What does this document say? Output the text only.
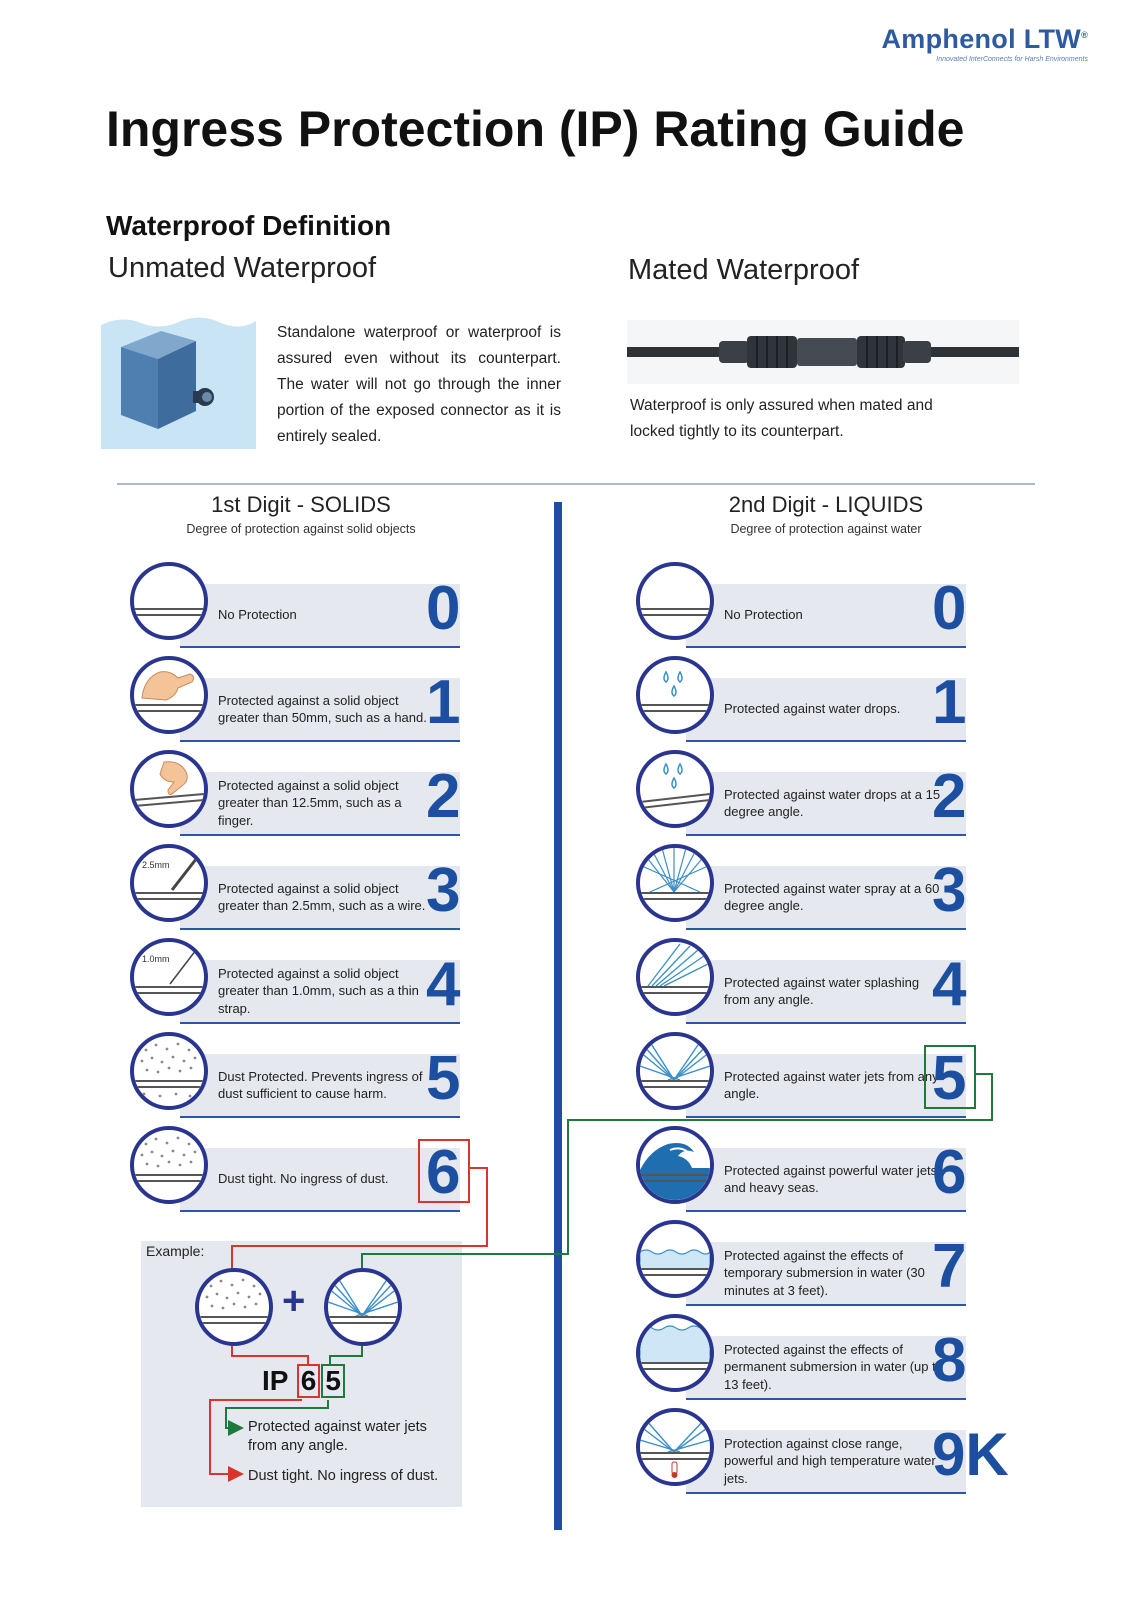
Amphenol LTW®
Innovated InterConnects for Harsh Environments
Ingress Protection (IP) Rating Guide
Waterproof Definition
Unmated Waterproof
Standalone waterproof or waterproof is assured even without its counterpart. The water will not go through the inner portion of the exposed connector as it is entirely sealed.
Mated Waterproof
Waterproof is only assured when mated and locked tightly to its counterpart.
1st Digit - SOLIDS
Degree of protection against solid objects
2nd Digit - LIQUIDS
Degree of protection against water
No Protection	0
Protected against a solid object greater than 50mm, such as a hand. 1
Protected against a solid object greater than 12.5mm, such as a finger.	2
2.5mm
Protected against a solid object greater than 2.5mm, such as a wire. 3
1.0mm
Protected against a solid object greater than 1.0mm, such as a thin strap.	4
Dust Protected. Prevents ingress of dust sufficient to cause harm. 5
Dust tight. No ingress of dust. 6
No Protection	0
Protected against water drops. 1
Protected against water drops at a 15 degree angle.	2
Protected against water spray at a 60 degree angle.	3
Protected against water splashing from any angle.	4
Protected against water jets from any angle.	5
Protected against powerful water jets and heavy seas.	6
Protected against the effects of temporary submersion in water (30 minutes at 3 feet).	7
Protected against the effects of permanent submersion in water (up to 13 feet).	8
Protection against close range, powerful and high temperature water jets.	9K
Example:
+
IP 6 5
Protected against water jets from any angle.
Dust tight. No ingress of dust.
